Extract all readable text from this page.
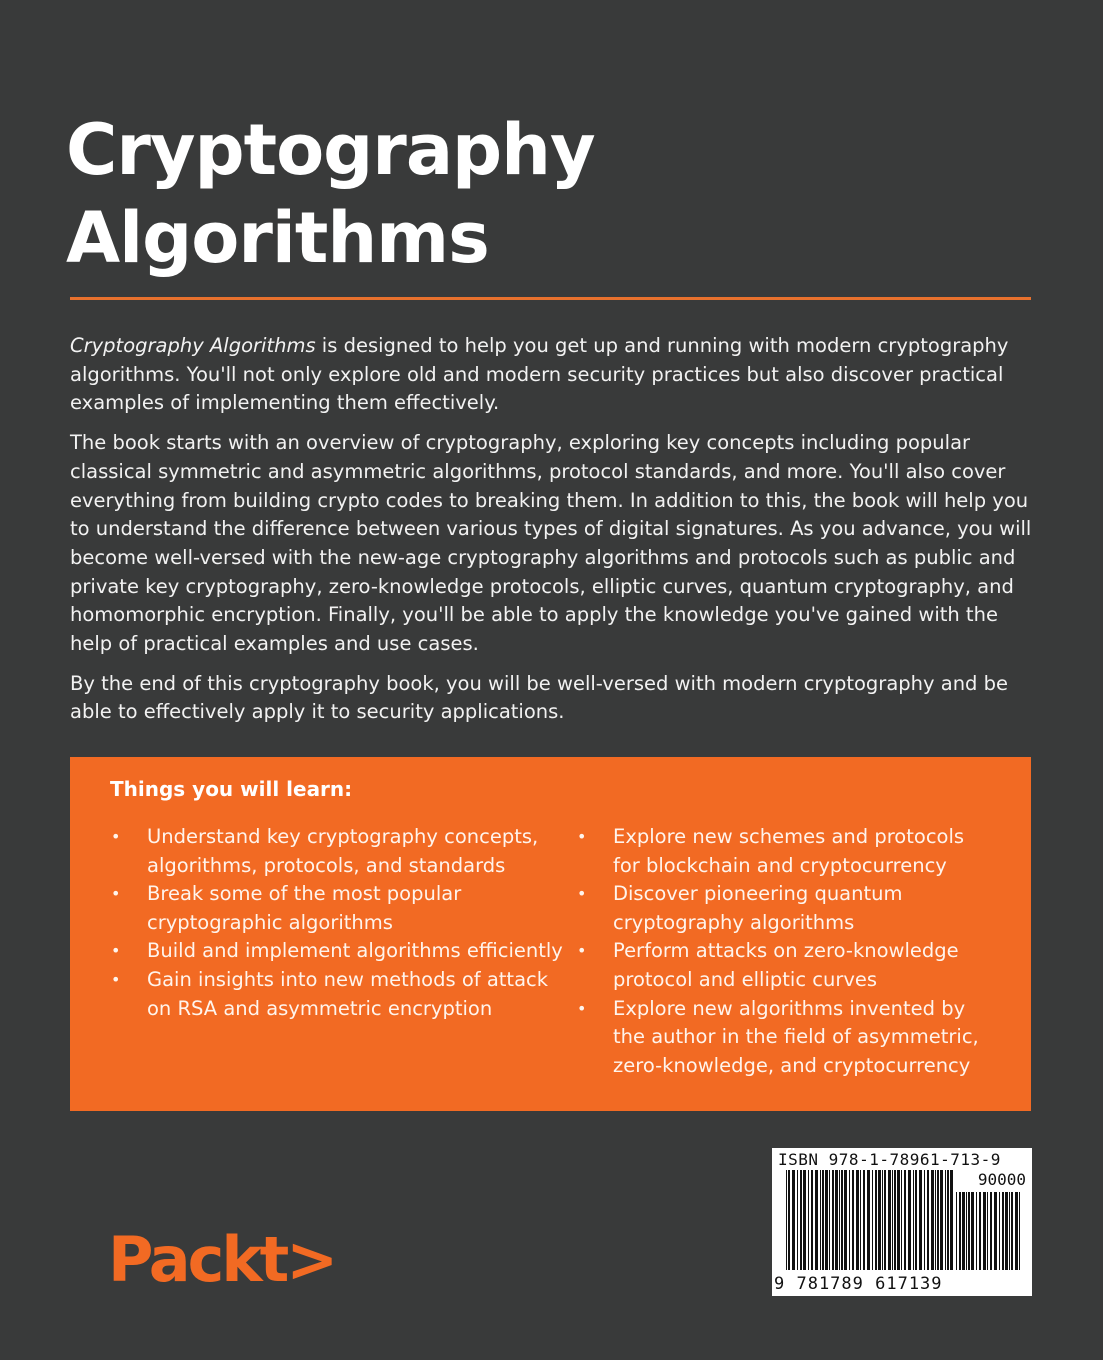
Cryptography
Algorithms

Cryptography Algorithms is designed to help you get up and running with modern cryptography algorithms. You'll not only explore old and modern security practices but also discover practical examples of implementing them effectively.

The book starts with an overview of cryptography, exploring key concepts including popular classical symmetric and asymmetric algorithms, protocol standards, and more. You'll also cover everything from building crypto codes to breaking them. In addition to this, the book will help you to understand the difference between various types of digital signatures. As you advance, you will become well-versed with the new-age cryptography algorithms and protocols such as public and private key cryptography, zero-knowledge protocols, elliptic curves, quantum cryptography, and homomorphic encryption. Finally, you'll be able to apply the knowledge you've gained with the help of practical examples and use cases.

By the end of this cryptography book, you will be well-versed with modern cryptography and be able to effectively apply it to security applications.

Things you will learn:
• Understand key cryptography concepts, algorithms, protocols, and standards
• Break some of the most popular cryptographic algorithms
• Build and implement algorithms efficiently
• Gain insights into new methods of attack on RSA and asymmetric encryption
• Explore new schemes and protocols for blockchain and cryptocurrency
• Discover pioneering quantum cryptography algorithms
• Perform attacks on zero-knowledge protocol and elliptic curves
• Explore new algorithms invented by the author in the field of asymmetric, zero-knowledge, and cryptocurrency
Packt>
ISBN 978-1-78961-713-9
90000
9 781789 617139
